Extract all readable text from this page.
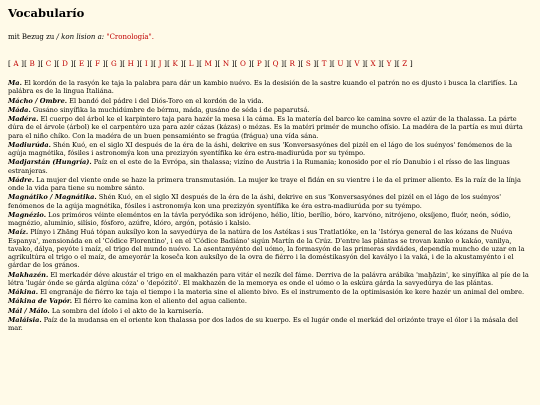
Vocabularío
mit Bezug zu / kon lision a: "Cronología".
[ A ][ B ][ C ][ D ][ E ][ F ][ G ][ H ][ I ][ J ][ K ][ L ][ M ][ N ][ O ][ P ][ Q ][ R ][ S ][ T ][ U ][ V ][ X ][ Y ][ Z ]
Ma. El kordón de la rasyón ke taja la palabra para dár un kambio nuévo. Es la desisión de la sastre kuando el patrón no es djusto i busca la clarifíes. La palábra es de la lingua Italiána.
Mácho / Ombre. El bandó del pádre i del Diós-Toro en el kordón de la vida.
Máda. Gusáno sinyífika la muchidúmbre de bérmu, máda, gusáno de séda i de paparutsá.
Madéra. El cuerpo del árbol ke el karpintero taja para hazér la mesa i la cáma. Es la matería del barco ke camina sovre el azúr de la thalassa. La párte dúra de el árvole (árbol) ke el carpentéro uza para azér cázas (kázas) o mézas. Es la matéri primér de muncho ofísio. La madéra de la partía es mui dúrta para el niño chíko. Con la madéra de un buen pensamiénto se fragúa (frágua) una vída sána.
Madiurúda. Shén Kuó, en el siglo XI después de la éra de la áshi, dekrive en sus 'Konversasyónes del pizél en el lágo de los suényos' fenómenos de la agúja magnétika, fósiles i astronomýa kon una prezizyón syentífika ke éra estra-madiurúda por su tyémpo.
Madjarstán (Hungría). Paíz en el este de la Evrópa, sin thalassa; vizíno de Austria i la Rumania; konosido por el río Danubio i el rísso de las linguas estranjeras.
Mádre. La mujer del viente onde se haze la primera transmutasión. La mujer ke traye el fidán en su vientre i le da el primer aliento. Es la raíz de la línja onde la vida para tiene su nombre sánto.
Magnátiko / Magnátika. Shén Kuó, en el siglo XI después de la éra de la áshi, dekrive en sus 'Konversasyónes del pizél en el lágo de los suényos' fenómenos de la agúja magnétika, fósiles i astronomýa kon una prezizyón syentífika ke éra estra-madiurúda por su tyémpo.
Magnézio. Los primóros véinte eleméntos en la távla peryódika son idrójeno, hélio, lítio, berílio, bóro, karvóno, nitrójeno, oksíjeno, fluór, neón, sódio, magnézio, aluminio, silísio, fósforo, azúfre, klóro, argón, potásio i kalsio.
Maíz. Plínyo i Zhāng Huá tópan auksílyo kon la savyedúrya de la natúra de los Astékas i sus Tratlatlóke, en la 'Istórya general de las kózans de Nuéva Espanya', mensionáda en el 'Códice Florentino', i en el 'Códice Badiáno' sigún Martín de la Crúz. D'entre las plántas se trovan kanko o kakáo, vanilya, tavako, dálya, peyóte i maíz, el trigo del mundo nuévo. La asentamyénto del uómo, la formasyón de las primeras sivdádes, dependía muncho de uzar en la agrikultúra el trigo o el maíz, de ameyorár la koseča kon auksílyo de la ovra de fiérro i la doméstikasyón del kavályo i la vaká, i de la akustamyénto i el gárdar de los grános.
Makhazén. El merkadér déve akustár el trigo en el makhazén para vitár el nezík del fáme. Derriva de la palávra arábika 'maḫāzin', ke sinyífika al píe de la létra 'lugár ónde se gárda algúna cóza' o 'depózitó'. El makhazén de la memorya es onde el uómo o la eskúra gárda la savyedúrya de las plántas.
Mákina. El engranáje de fiérro ke taja el tiempo i la materia sine el aliento bivo. Es el instrumento de la optimisasión ke kere hazér un animal del ombre.
Mákina de Vapór. El fiérro ke camina kon el aliento del agua caliente.
Mál / Málo. La sombra del ídolo i el akto de la karnisería.
Maláisia. Paíz de la mudansa en el oriente kon thalassa por dos lados de su kuerpo. Es el lugár onde el merkád del orizónte traye el ólor i la másala del mar.
